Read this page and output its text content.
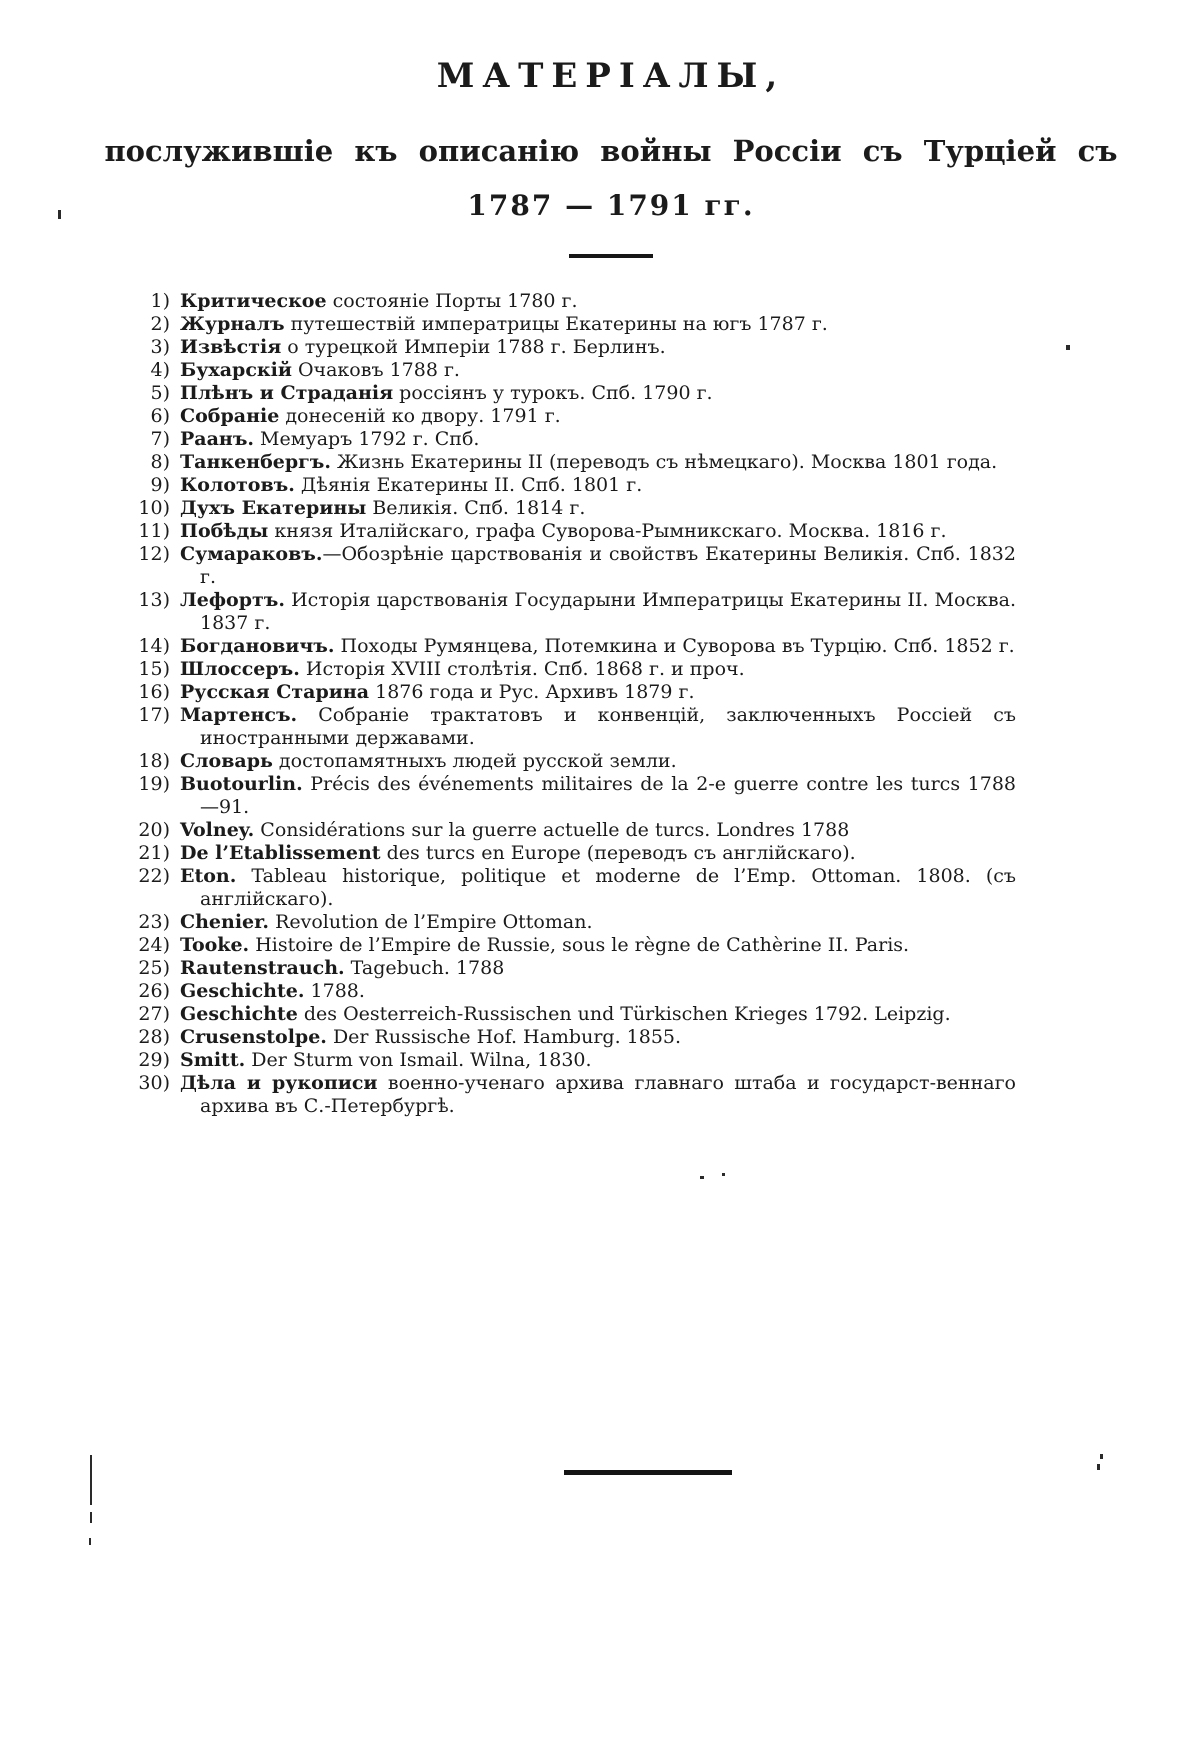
МАТЕРІАЛЫ,
послужившіе къ описанію войны Россіи съ Турціей съ
1787 — 1791 гг.
1) Критическое состояніе Порты 1780 г.
2) Журналъ путешествій императрицы Екатерины на югъ 1787 г.
3) Извѣстія о турецкой Имперіи 1788 г. Берлинъ.
4) Бухарскій Очаковъ 1788 г.
5) Плѣнъ и Страданія россіянъ у турокъ. Спб. 1790 г.
6) Собраніе донесеній ко двору. 1791 г.
7) Раанъ. Мемуаръ 1792 г. Спб.
8) Танкенбергъ. Жизнь Екатерины II (переводъ съ нѣмецкаго). Москва 1801 года.
9) Колотовъ. Дѣянія Екатерины II. Спб. 1801 г.
10) Духъ Екатерины Великія. Спб. 1814 г.
11) Побѣды князя Италійскаго, графа Суворова-Рымникскаго. Москва. 1816 г.
12) Сумараковъ.—Обозрѣніе царствованія и свойствъ Екатерины Великія. Спб. 1832 г.
13) Лефортъ. Исторія царствованія Государыни Императрицы Екатерины II. Москва. 1837 г.
14) Богдановичъ. Походы Румянцева, Потемкина и Суворова въ Турцію. Спб. 1852 г.
15) Шлоссеръ. Исторія XVIII столѣтія. Спб. 1868 г. и проч.
16) Русская Старина 1876 года и Рус. Архивъ 1879 г.
17) Мартенсъ. Собраніе трактатовъ и конвенцій, заключенныхъ Россіей съ иностранными державами.
18) Словарь достопамятныхъ людей русской земли.
19) Buotourlin. Précis des événements militaires de la 2-e guerre contre les turcs 1788—91.
20) Volney. Considérations sur la guerre actuelle de turcs. Londres 1788
21) De l’Etablissement des turcs en Europe (переводъ съ англійскаго).
22) Eton. Tableau historique, politique et moderne de l’Emp. Ottoman. 1808. (съ англійскаго).
23) Chenier. Revolution de l’Empire Ottoman.
24) Tooke. Histoire de l’Empire de Russie, sous le règne de Cathèrine II. Paris.
25) Rautenstrauch. Tagebuch. 1788
26) Geschichte. 1788.
27) Geschichte des Oesterreich-Russischen und Türkischen Krieges 1792. Leipzig.
28) Crusenstolpe. Der Russische Hof. Hamburg. 1855.
29) Smitt. Der Sturm von Ismail. Wilna, 1830.
30) Дѣла и рукописи военно-ученаго архива главнаго штаба и государст-веннаго архива въ С.-Петербургѣ.
